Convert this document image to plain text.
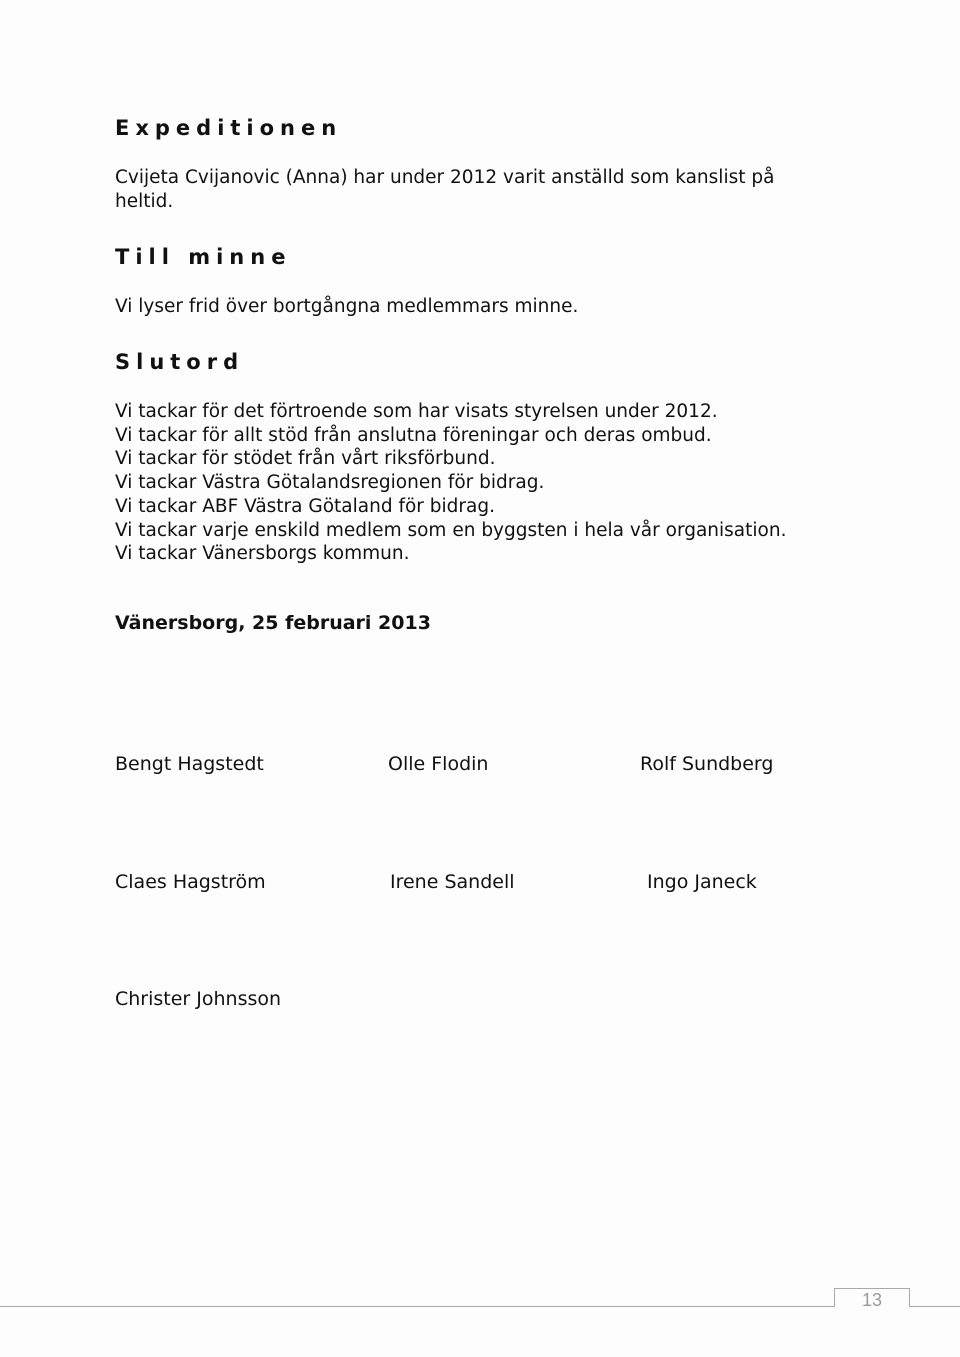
Expeditionen

Cvijeta Cvijanovic (Anna) har under 2012 varit anställd som kanslist på heltid.

Till minne

Vi lyser frid över bortgångna medlemmars minne.

Slutord
Vi tackar för det förtroende som har visats styrelsen under 2012.
Vi tackar för allt stöd från anslutna föreningar och deras ombud.
Vi tackar för stödet från vårt riksförbund.
Vi tackar Västra Götalandsregionen för bidrag.
Vi tackar ABF Västra Götaland för bidrag.
Vi tackar varje enskild medlem som en byggsten i hela vår organisation.
Vi tackar Vänersborgs kommun.
Vänersborg, 25 februari 2013
Bengt Hagstedt	Olle Flodin	Rolf Sundberg
Claes Hagström	Irene Sandell	Ingo Janeck
Christer Johnsson
13
